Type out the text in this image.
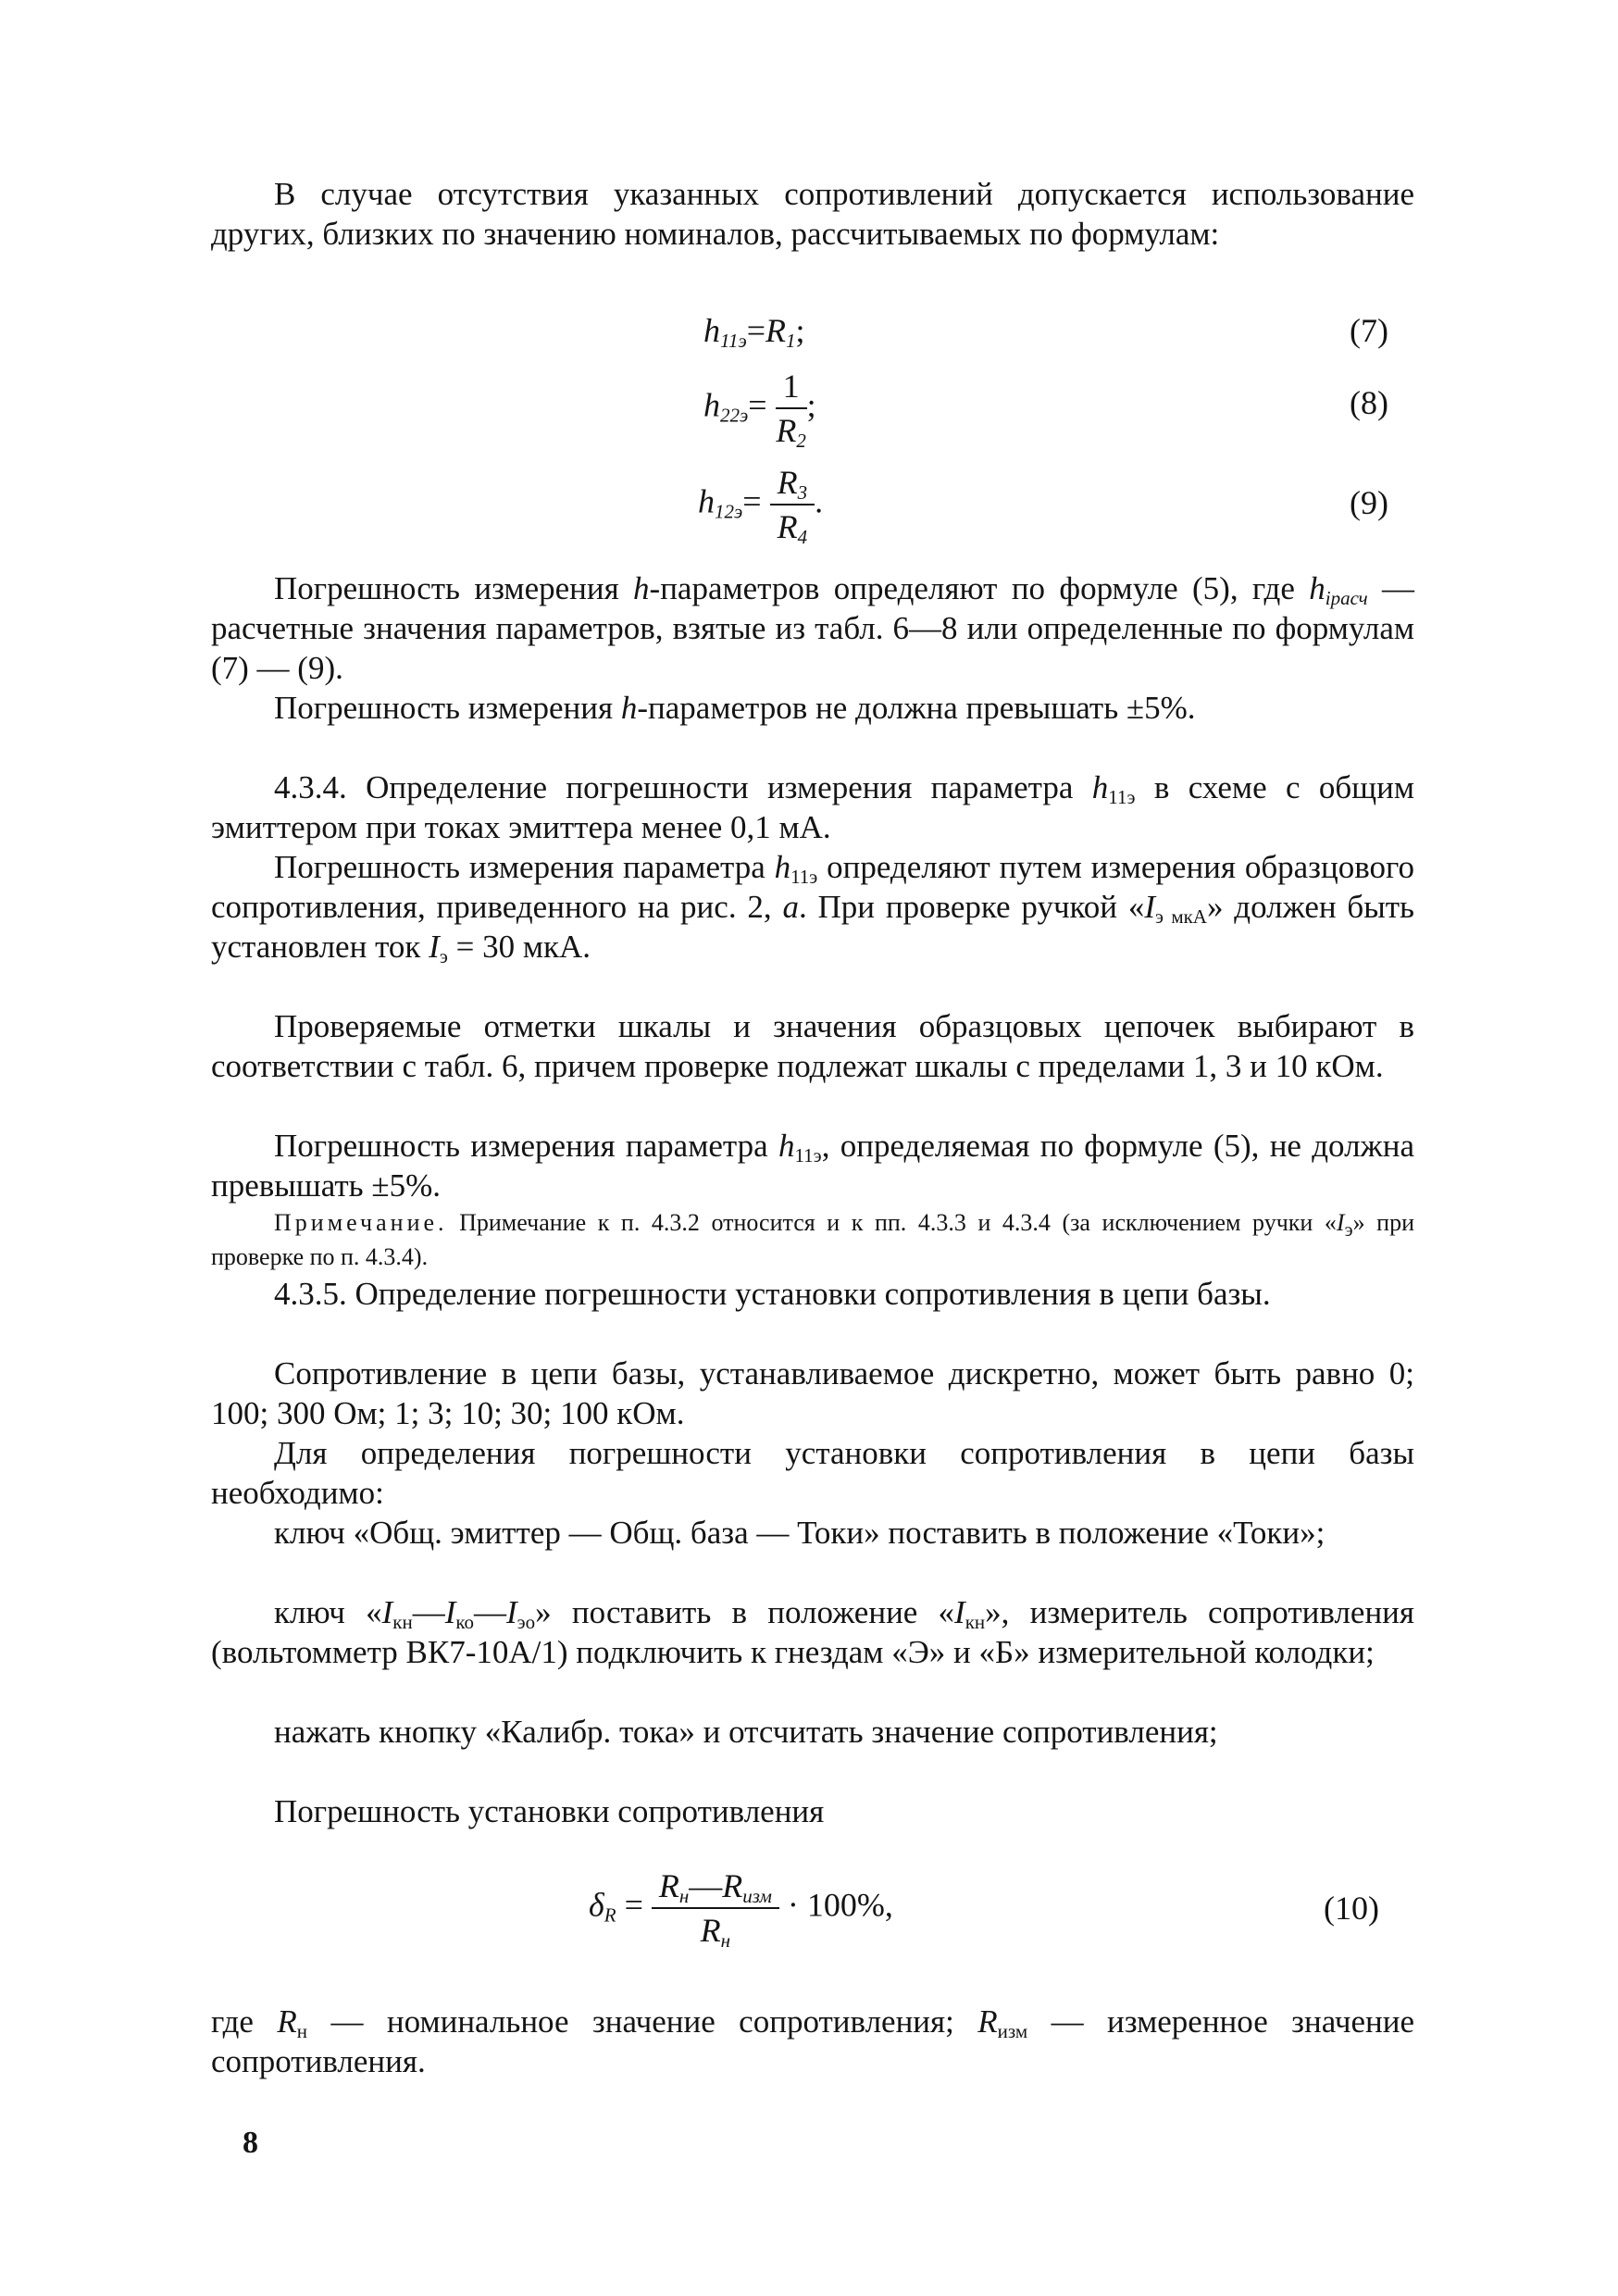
В случае отсутствия указанных сопротивлений допускается использование других, близких по значению номиналов, рассчитываемых по формулам:

$h_{11э}=R_1$;	(7)
$h_{22э}= \frac{1}{R_2}$ ;	(8)
$h_{12э}= \frac{R_3}{R_4}$ .	(9)

Погрешность измерения h-параметров определяют по формуле (5), где $h_{iрасч}$ — расчетные значения параметров, взятые из табл. 6—8 или определенные по формулам (7) — (9).

Погрешность измерения h-параметров не должна превышать ±5%.

4.3.4. Определение погрешности измерения параметра $h_{11э}$ в схеме с общим эмиттером при токах эмиттера менее 0,1 мА.

Погрешность измерения параметра $h_{11э}$ определяют путем измерения образцового сопротивления, приведенного на рис. 2, а. При проверке ручкой «$I_{э мкА}$» должен быть установлен ток $I_э = 30$ мкА.

Проверяемые отметки шкалы и значения образцовых цепочек выбирают в соответствии с табл. 6, причем проверке подлежат шкалы с пределами 1, 3 и 10 кОм.

Погрешность измерения параметра $h_{11э}$, определяемая по формуле (5), не должна превышать ±5%.

Примечание. Примечание к п. 4.3.2 относится и к пп. 4.3.3 и 4.3.4 (за исключением ручки «$I_э$» при проверке по п. 4.3.4).

4.3.5. Определение погрешности установки сопротивления в цепи базы.

Сопротивление в цепи базы, устанавливаемое дискретно, может быть равно 0; 100; 300 Ом; 1; 3; 10; 30; 100 кОм.

Для определения погрешности установки сопротивления в цепи базы необходимо:

ключ «Общ. эмиттер — Общ. база — Токи» поставить в положение «Токи»;

ключ «$I_{кн}—I_{ко}—I_{эо}$» поставить в положение «$I_{кн}$», измеритель сопротивления (вольтомметр ВК7-10А/1) подключить к гнездам «Э» и «Б» измерительной колодки;

нажать кнопку «Калибр. тока» и отсчитать значение сопротивления;

Погрешность установки сопротивления

$\delta_R = \frac{R_н—R_{изм}}{R_н} \cdot 100\%$,	(10)

где $R_н$ — номинальное значение сопротивления; $R_{изм}$ — измеренное значение сопротивления.

8
